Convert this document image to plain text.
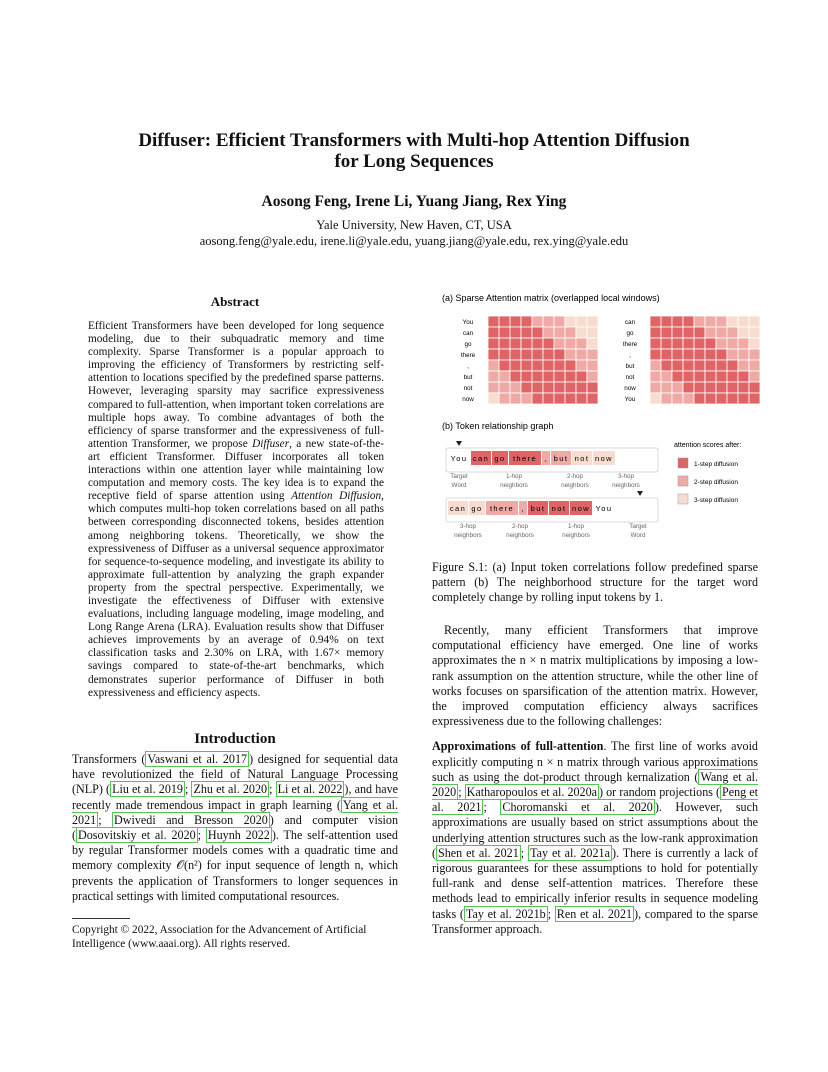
Diffuser: Efficient Transformers with Multi-hop Attention Diffusion
for Long Sequences
Aosong Feng, Irene Li, Yuang Jiang, Rex Ying
Yale University, New Haven, CT, USA
aosong.feng@yale.edu, irene.li@yale.edu, yuang.jiang@yale.edu, rex.ying@yale.edu
Abstract
Efficient Transformers have been developed for long sequence modeling, due to their subquadratic memory and time complexity. Sparse Transformer is a popular approach to improving the efficiency of Transformers by restricting self-attention to locations specified by the predefined sparse patterns. However, leveraging sparsity may sacrifice expressiveness compared to full-attention, when important token correlations are multiple hops away. To combine advantages of both the efficiency of sparse transformer and the expressiveness of full-attention Transformer, we propose Diffuser, a new state-of-the-art efficient Transformer. Diffuser incorporates all token interactions within one attention layer while maintaining low computation and memory costs. The key idea is to expand the receptive field of sparse attention using Attention Diffusion, which computes multi-hop token correlations based on all paths between corresponding disconnected tokens, besides attention among neighboring tokens. Theoretically, we show the expressiveness of Diffuser as a universal sequence approximator for sequence-to-sequence modeling, and investigate its ability to approximate full-attention by analyzing the graph expander property from the spectral perspective. Experimentally, we investigate the effectiveness of Diffuser with extensive evaluations, including language modeling, image modeling, and Long Range Arena (LRA). Evaluation results show that Diffuser achieves improvements by an average of 0.94% on text classification tasks and 2.30% on LRA, with 1.67× memory savings compared to state-of-the-art benchmarks, which demonstrates superior performance of Diffuser in both expressiveness and efficiency aspects.
Introduction
Transformers ( Vaswani et al. 2017 ) designed for sequential data have revolutionized the field of Natural Language Processing (NLP) ( Liu et al. 2019 ; Zhu et al. 2020 ; Li et al. 2022 ), and have recently made tremendous impact in graph learning ( Yang et al. 2021 ; Dwivedi and Bresson 2020 ) and computer vision ( Dosovitskiy et al. 2020 ; Huynh 2022 ). The self-attention used by regular Transformer models comes with a quadratic time and memory complexity 𝒪(n²) for input sequence of length n, which prevents the application of Transformers to longer sequences in practical settings with limited computational resources.
Copyright © 2022, Association for the Advancement of Artificial Intelligence (www.aaai.org). All rights reserved.
(a) Sparse Attention matrix (overlapped local windows)
You
can
go
there
,
but
not
now
can
go
there
,
but
not
now
You
(b) Token relationship graph
You can go there , but not now
Target
Word
1-hop
neighbors
2-hop
neighbors
3-hop
neighbors
can go there , but not now You
3-hop
neighbors
2-hop
neighbors
1-hop
neighbors
Target
Word
attention scores after:
1-step diffusion
2-step diffusion
3-step diffusion
Figure S.1: (a) Input token correlations follow predefined sparse pattern (b) The neighborhood structure for the target word completely change by rolling input tokens by 1.

Recently, many efficient Transformers that improve computational efficiency have emerged. One line of works approximates the n × n matrix multiplications by imposing a low-rank assumption on the attention structure, while the other line of works focuses on sparsification of the attention matrix. However, the improved computation efficiency always sacrifices expressiveness due to the following challenges:

Approximations of full-attention. The first line of works avoid explicitly computing n × n matrix through various approximations such as using the dot-product through kernalization ( Wang et al. 2020 ; Katharopoulos et al. 2020a ) or random projections ( Peng et al. 2021 ; Choromanski et al. 2020 ). However, such approximations are usually based on strict assumptions about the underlying attention structures such as the low-rank approximation ( Shen et al. 2021 ; Tay et al. 2021a ). There is currently a lack of rigorous guarantees for these assumptions to hold for potentially full-rank and dense self-attention matrices. Therefore these methods lead to empirically inferior results in sequence modeling tasks ( Tay et al. 2021b ; Ren et al. 2021 ), compared to the sparse Transformer approach.
